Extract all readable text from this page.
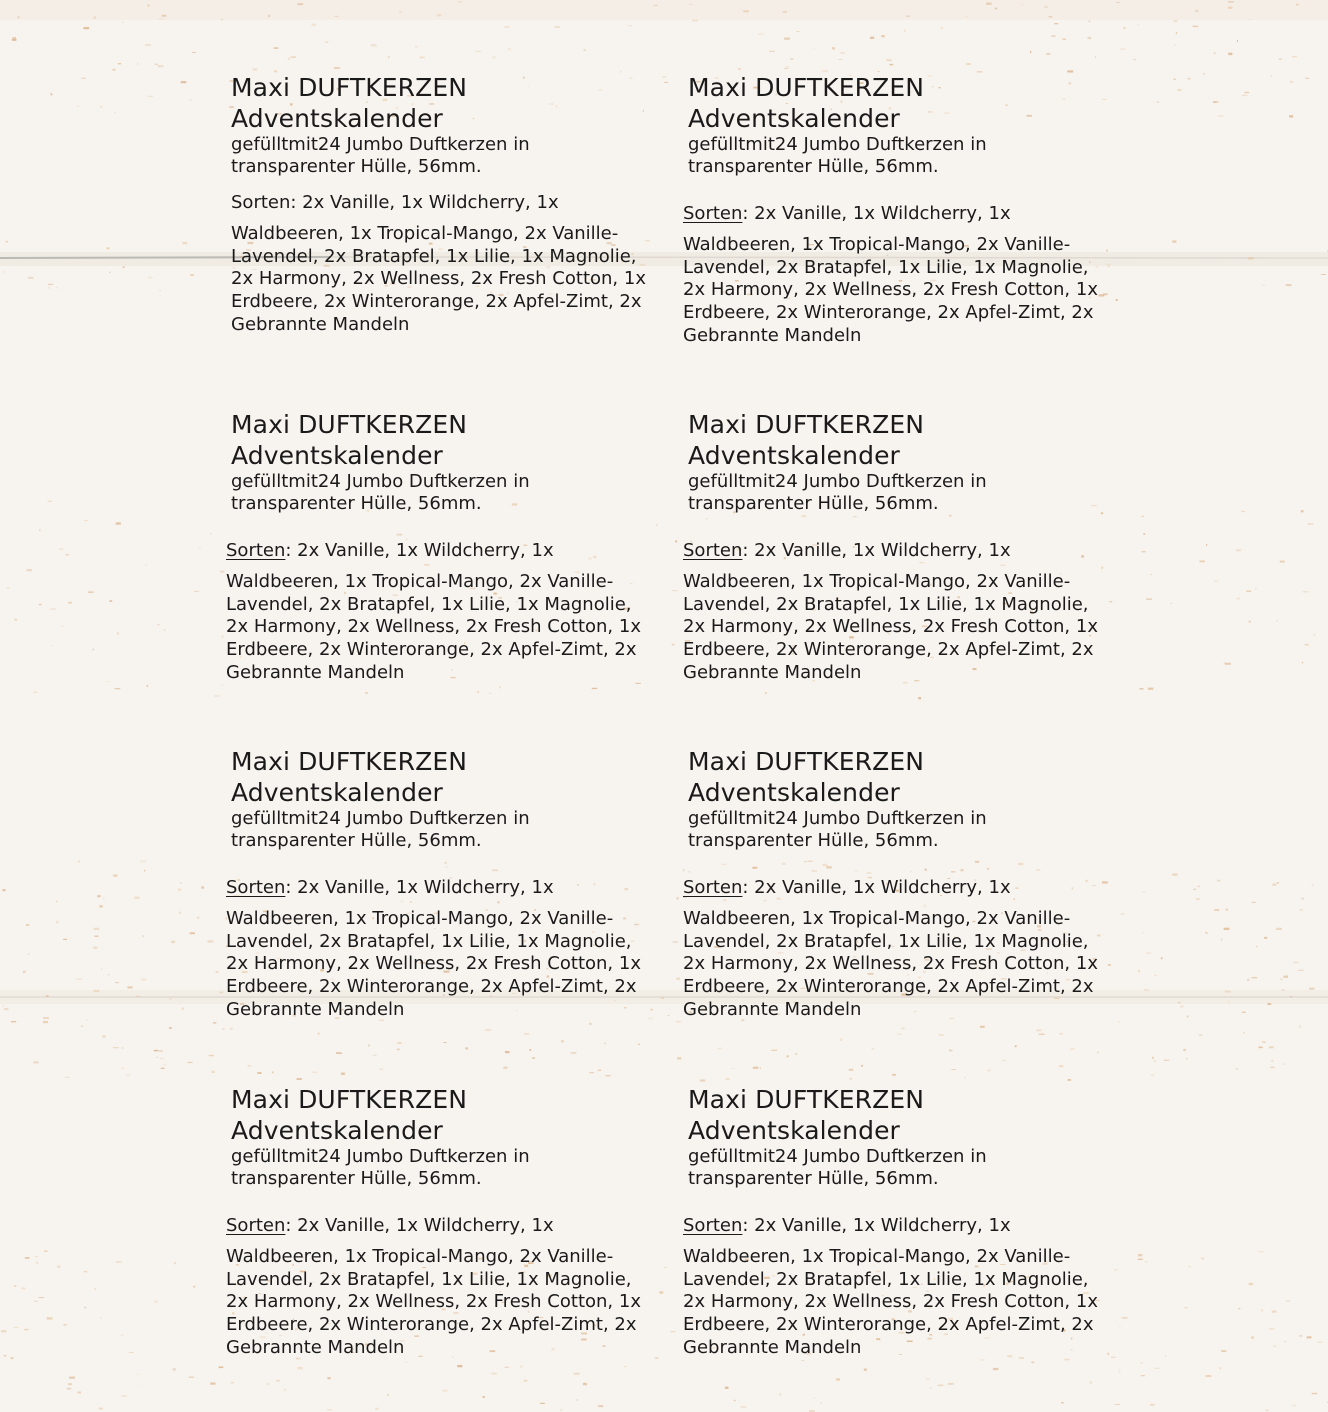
Maxi DUFTKERZEN
Adventskalender
gefülltmit24 Jumbo Duftkerzen in transparenter Hülle, 56mm.
Sorten: 2x Vanille, 1x Wildcherry, 1x
Waldbeeren, 1x Tropical-Mango, 2x Vanille-Lavendel, 2x Bratapfel, 1x Lilie, 1x Magnolie, 2x Harmony, 2x Wellness, 2x Fresh Cotton, 1x Erdbeere, 2x Winterorange, 2x Apfel-Zimt, 2x Gebrannte Mandeln
Maxi DUFTKERZEN
Adventskalender
gefülltmit24 Jumbo Duftkerzen in transparenter Hülle, 56mm.
Sorten: 2x Vanille, 1x Wildcherry, 1x
Waldbeeren, 1x Tropical-Mango, 2x Vanille-Lavendel, 2x Bratapfel, 1x Lilie, 1x Magnolie, 2x Harmony, 2x Wellness, 2x Fresh Cotton, 1x Erdbeere, 2x Winterorange, 2x Apfel-Zimt, 2x Gebrannte Mandeln
Maxi DUFTKERZEN
Adventskalender
gefülltmit24 Jumbo Duftkerzen in transparenter Hülle, 56mm.
Sorten: 2x Vanille, 1x Wildcherry, 1x
Waldbeeren, 1x Tropical-Mango, 2x Vanille-Lavendel, 2x Bratapfel, 1x Lilie, 1x Magnolie, 2x Harmony, 2x Wellness, 2x Fresh Cotton, 1x Erdbeere, 2x Winterorange, 2x Apfel-Zimt, 2x Gebrannte Mandeln
Maxi DUFTKERZEN
Adventskalender
gefülltmit24 Jumbo Duftkerzen in transparenter Hülle, 56mm.
Sorten: 2x Vanille, 1x Wildcherry, 1x
Waldbeeren, 1x Tropical-Mango, 2x Vanille-Lavendel, 2x Bratapfel, 1x Lilie, 1x Magnolie, 2x Harmony, 2x Wellness, 2x Fresh Cotton, 1x Erdbeere, 2x Winterorange, 2x Apfel-Zimt, 2x Gebrannte Mandeln
Maxi DUFTKERZEN
Adventskalender
gefülltmit24 Jumbo Duftkerzen in transparenter Hülle, 56mm.
Sorten: 2x Vanille, 1x Wildcherry, 1x
Waldbeeren, 1x Tropical-Mango, 2x Vanille-Lavendel, 2x Bratapfel, 1x Lilie, 1x Magnolie, 2x Harmony, 2x Wellness, 2x Fresh Cotton, 1x Erdbeere, 2x Winterorange, 2x Apfel-Zimt, 2x Gebrannte Mandeln
Maxi DUFTKERZEN
Adventskalender
gefülltmit24 Jumbo Duftkerzen in transparenter Hülle, 56mm.
Sorten: 2x Vanille, 1x Wildcherry, 1x
Waldbeeren, 1x Tropical-Mango, 2x Vanille-Lavendel, 2x Bratapfel, 1x Lilie, 1x Magnolie, 2x Harmony, 2x Wellness, 2x Fresh Cotton, 1x Erdbeere, 2x Winterorange, 2x Apfel-Zimt, 2x Gebrannte Mandeln
Maxi DUFTKERZEN
Adventskalender
gefülltmit24 Jumbo Duftkerzen in transparenter Hülle, 56mm.
Sorten: 2x Vanille, 1x Wildcherry, 1x
Waldbeeren, 1x Tropical-Mango, 2x Vanille-Lavendel, 2x Bratapfel, 1x Lilie, 1x Magnolie, 2x Harmony, 2x Wellness, 2x Fresh Cotton, 1x Erdbeere, 2x Winterorange, 2x Apfel-Zimt, 2x Gebrannte Mandeln
Maxi DUFTKERZEN
Adventskalender
gefülltmit24 Jumbo Duftkerzen in transparenter Hülle, 56mm.
Sorten: 2x Vanille, 1x Wildcherry, 1x
Waldbeeren, 1x Tropical-Mango, 2x Vanille-Lavendel, 2x Bratapfel, 1x Lilie, 1x Magnolie, 2x Harmony, 2x Wellness, 2x Fresh Cotton, 1x Erdbeere, 2x Winterorange, 2x Apfel-Zimt, 2x Gebrannte Mandeln
